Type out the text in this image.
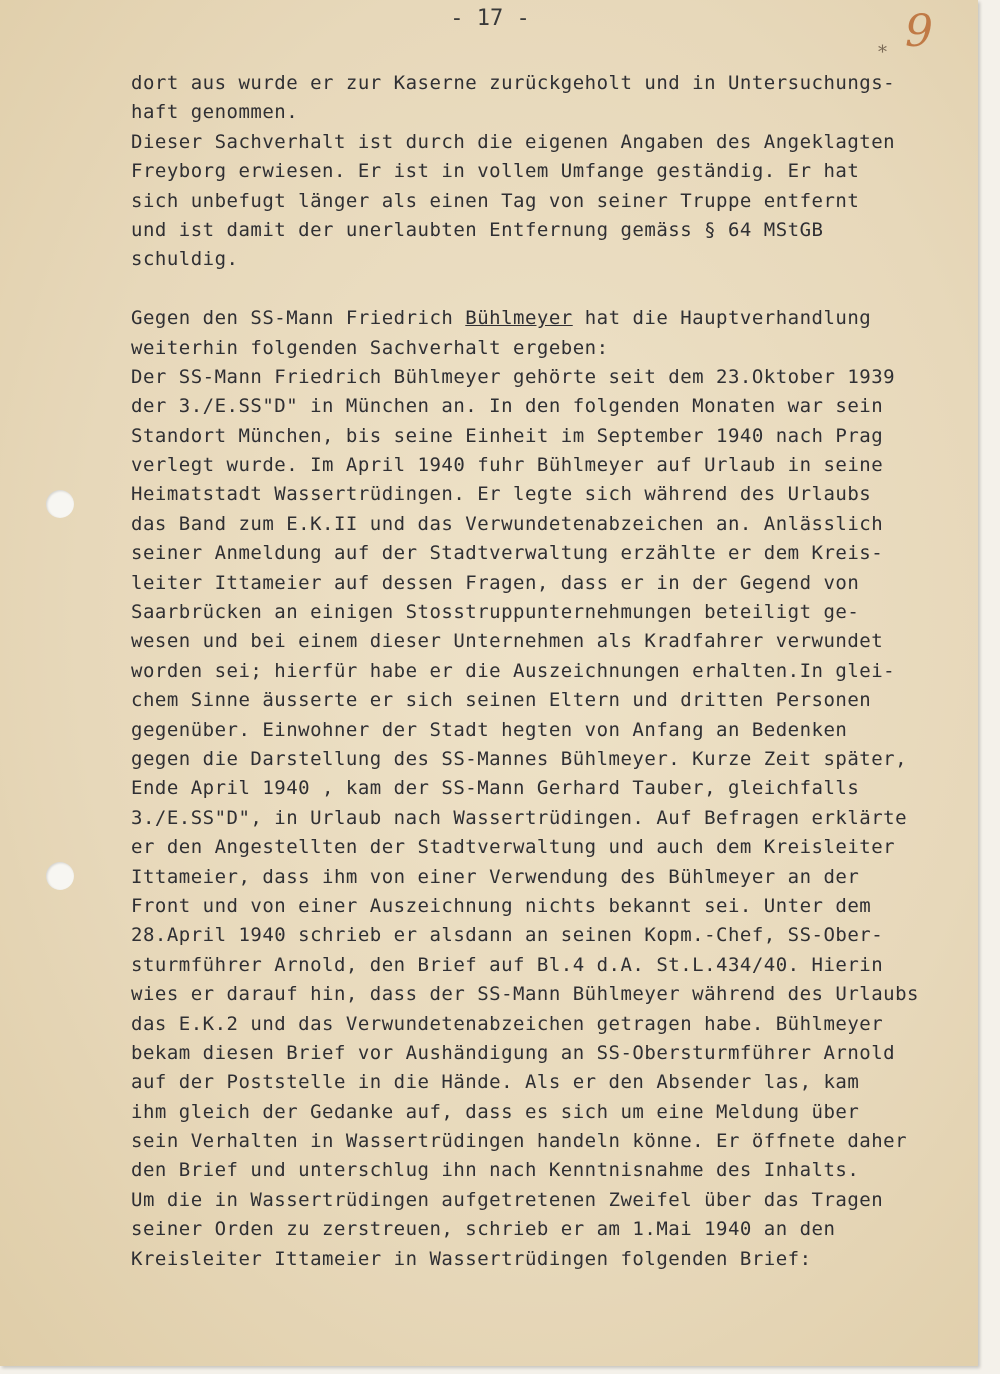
- 17 -	9
*
dort aus wurde er zur Kaserne zurückgeholt und in Untersuchungs-
haft genommen.
Dieser Sachverhalt ist durch die eigenen Angaben des Angeklagten
Freyborg erwiesen. Er ist in vollem Umfange geständig. Er hat
sich unbefugt länger als einen Tag von seiner Truppe entfernt
und ist damit der unerlaubten Entfernung gemäss § 64 MStGB
schuldig.
Gegen den SS-Mann Friedrich Bühlmeyer hat die Hauptverhandlung
weiterhin folgenden Sachverhalt ergeben:
Der SS-Mann Friedrich Bühlmeyer gehörte seit dem 23.Oktober 1939
der 3./E.SS"D" in München an. In den folgenden Monaten war sein
Standort München, bis seine Einheit im September 1940 nach Prag
verlegt wurde. Im April 1940 fuhr Bühlmeyer auf Urlaub in seine
Heimatstadt Wassertrüdingen. Er legte sich während des Urlaubs
das Band zum E.K.II und das Verwundetenabzeichen an. Anlässlich
seiner Anmeldung auf der Stadtverwaltung erzählte er dem Kreis-
leiter Ittameier auf dessen Fragen, dass er in der Gegend von
Saarbrücken an einigen Stosstruppunternehmungen beteiligt ge-
wesen und bei einem dieser Unternehmen als Kradfahrer verwundet
worden sei; hierfür habe er die Auszeichnungen erhalten.In glei-
chem Sinne äusserte er sich seinen Eltern und dritten Personen
gegenüber. Einwohner der Stadt hegten von Anfang an Bedenken
gegen die Darstellung des SS-Mannes Bühlmeyer. Kurze Zeit später,
Ende April 1940 , kam der SS-Mann Gerhard Tauber, gleichfalls
3./E.SS"D", in Urlaub nach Wassertrüdingen. Auf Befragen erklärte
er den Angestellten der Stadtverwaltung und auch dem Kreisleiter
Ittameier, dass ihm von einer Verwendung des Bühlmeyer an der
Front und von einer Auszeichnung nichts bekannt sei. Unter dem
28.April 1940 schrieb er alsdann an seinen Kopm.-Chef, SS-Ober-
sturmführer Arnold, den Brief auf Bl.4 d.A. St.L.434/40. Hierin
wies er darauf hin, dass der SS-Mann Bühlmeyer während des Urlaubs
das E.K.2 und das Verwundetenabzeichen getragen habe. Bühlmeyer
bekam diesen Brief vor Aushändigung an SS-Obersturmführer Arnold
auf der Poststelle in die Hände. Als er den Absender las, kam
ihm gleich der Gedanke auf, dass es sich um eine Meldung über
sein Verhalten in Wassertrüdingen handeln könne. Er öffnete daher
den Brief und unterschlug ihn nach Kenntnisnahme des Inhalts.
Um die in Wassertrüdingen aufgetretenen Zweifel über das Tragen
seiner Orden zu zerstreuen, schrieb er am 1.Mai 1940 an den
Kreisleiter Ittameier in Wassertrüdingen folgenden Brief:
